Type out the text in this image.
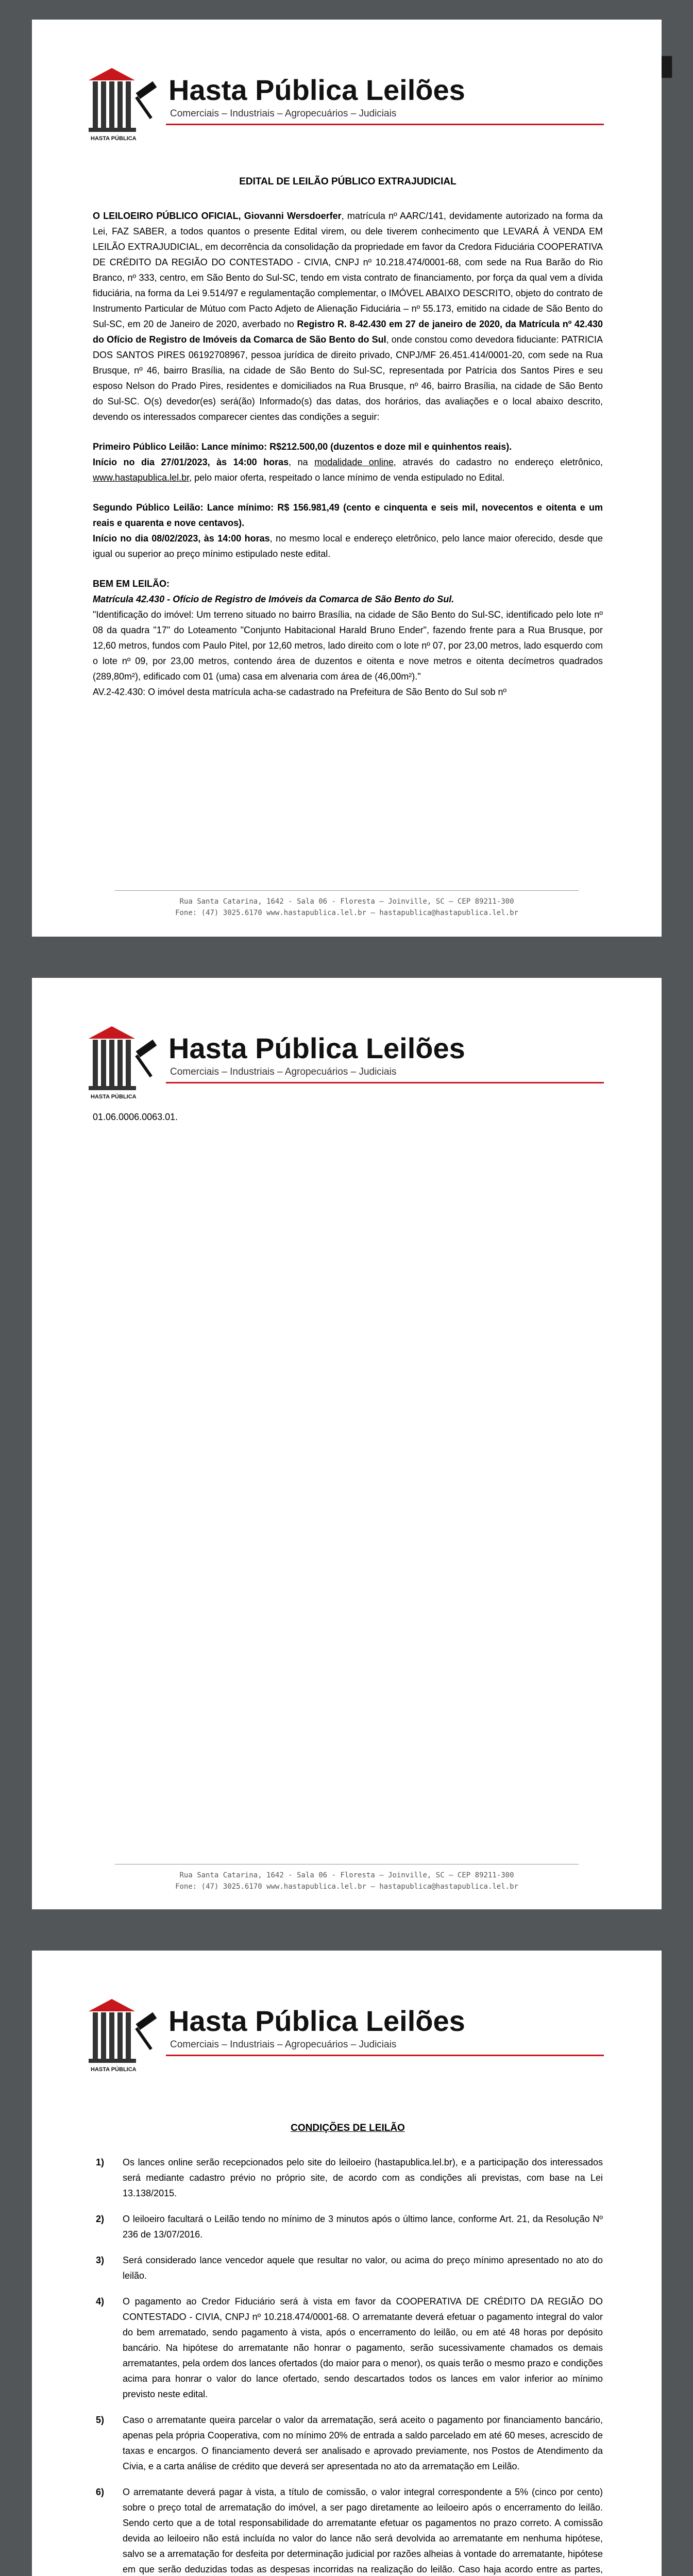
HASTA PÚBLICA
Hasta Pública Leilões
Comerciais – Industriais – Agropecuários – Judiciais
EDITAL DE LEILÃO PÚBLICO EXTRAJUDICIAL

O LEILOEIRO PÚBLICO OFICIAL, Giovanni Wersdoerfer, matrícula nº AARC/141, devidamente autorizado na forma da Lei, FAZ SABER, a todos quantos o presente Edital virem, ou dele tiverem conhecimento que LEVARÁ À VENDA EM LEILÃO EXTRAJUDICIAL, em decorrência da consolidação da propriedade em favor da Credora Fiduciária COOPERATIVA DE CRÉDITO DA REGIÃO DO CONTESTADO - CIVIA, CNPJ nº 10.218.474/0001-68, com sede na Rua Barão do Rio Branco, nº 333, centro, em São Bento do Sul-SC, tendo em vista contrato de financiamento, por força da qual vem a dívida fiduciária, na forma da Lei 9.514/97 e regulamentação complementar, o IMÓVEL ABAIXO DESCRITO, objeto do contrato de Instrumento Particular de Mútuo com Pacto Adjeto de Alienação Fiduciária – nº 55.173, emitido na cidade de São Bento do Sul-SC, em 20 de Janeiro de 2020, averbado no Registro R. 8-42.430 em 27 de janeiro de 2020, da Matrícula nº 42.430 do Ofício de Registro de Imóveis da Comarca de São Bento do Sul, onde constou como devedora fiduciante: PATRICIA DOS SANTOS PIRES 06192708967, pessoa jurídica de direito privado, CNPJ/MF 26.451.414/0001-20, com sede na Rua Brusque, nº 46, bairro Brasília, na cidade de São Bento do Sul-SC, representada por Patrícia dos Santos Pires e seu esposo Nelson do Prado Pires, residentes e domiciliados na Rua Brusque, nº 46, bairro Brasília, na cidade de São Bento do Sul-SC. O(s) devedor(es) será(ão) Informado(s) das datas, dos horários, das avaliações e o local abaixo descrito, devendo os interessados comparecer cientes das condições a seguir:

Primeiro Público Leilão: Lance mínimo: R$212.500,00 (duzentos e doze mil e quinhentos reais).
Início no dia 27/01/2023, às 14:00 horas, na modalidade online, através do cadastro no endereço eletrônico, www.hastapublica.lel.br, pelo maior oferta, respeitado o lance mínimo de venda estipulado no Edital.

Segundo Público Leilão: Lance mínimo: R$ 156.981,49 (cento e cinquenta e seis mil, novecentos e oitenta e um reais e quarenta e nove centavos).
Início no dia 08/02/2023, às 14:00 horas, no mesmo local e endereço eletrônico, pelo lance maior oferecido, desde que igual ou superior ao preço mínimo estipulado neste edital.

BEM EM LEILÃO:
Matrícula 42.430 - Ofício de Registro de Imóveis da Comarca de São Bento do Sul.
"Identificação do imóvel: Um terreno situado no bairro Brasília, na cidade de São Bento do Sul-SC, identificado pelo lote nº 08 da quadra "17" do Loteamento "Conjunto Habitacional Harald Bruno Ender", fazendo frente para a Rua Brusque, por 12,60 metros, fundos com Paulo Pitel, por 12,60 metros, lado direito com o lote nº 07, por 23,00 metros, lado esquerdo com o lote nº 09, por 23,00 metros, contendo área de duzentos e oitenta e nove metros e oitenta decímetros quadrados (289,80m²), edificado com 01 (uma) casa em alvenaria com área de (46,00m²)."
AV.2-42.430: O imóvel desta matrícula acha-se cadastrado na Prefeitura de São Bento do Sul sob nº
Rua Santa Catarina, 1642 - Sala 06 - Floresta – Joinville, SC – CEP 89211-300
Fone: (47) 3025.6170 www.hastapublica.lel.br – hastapublica@hastapublica.lel.br
HASTA PÚBLICA
Hasta Pública Leilões
Comerciais – Industriais – Agropecuários – Judiciais
01.06.0006.0063.01.
Rua Santa Catarina, 1642 - Sala 06 - Floresta – Joinville, SC – CEP 89211-300
Fone: (47) 3025.6170 www.hastapublica.lel.br – hastapublica@hastapublica.lel.br
HASTA PÚBLICA
Hasta Pública Leilões
Comerciais – Industriais – Agropecuários – Judiciais
CONDIÇÕES DE LEILÃO
1) Os lances online serão recepcionados pelo site do leiloeiro (hastapublica.lel.br), e a participação dos interessados será mediante cadastro prévio no próprio site, de acordo com as condições ali previstas, com base na Lei 13.138/2015.
2) O leiloeiro facultará o Leilão tendo no mínimo de 3 minutos após o último lance, conforme Art. 21, da Resolução Nº 236 de 13/07/2016.
3) Será considerado lance vencedor aquele que resultar no valor, ou acima do preço mínimo apresentado no ato do leilão.
4) O pagamento ao Credor Fiduciário será à vista em favor da COOPERATIVA DE CRÉDITO DA REGIÃO DO CONTESTADO - CIVIA, CNPJ nº 10.218.474/0001-68. O arrematante deverá efetuar o pagamento integral do valor do bem arrematado, sendo pagamento à vista, após o encerramento do leilão, ou em até 48 horas por depósito bancário. Na hipótese do arrematante não honrar o pagamento, serão sucessivamente chamados os demais arrematantes, pela ordem dos lances ofertados (do maior para o menor), os quais terão o mesmo prazo e condições acima para honrar o valor do lance ofertado, sendo descartados todos os lances em valor inferior ao mínimo previsto neste edital.
5) Caso o arrematante queira parcelar o valor da arrematação, será aceito o pagamento por financiamento bancário, apenas pela própria Cooperativa, com no mínimo 20% de entrada a saldo parcelado em até 60 meses, acrescido de taxas e encargos. O financiamento deverá ser analisado e aprovado previamente, nos Postos de Atendimento da Civia, e a carta análise de crédito que deverá ser apresentada no ato da arrematação em Leilão.
6) O arrematante deverá pagar à vista, a título de comissão, o valor integral correspondente a 5% (cinco por cento) sobre o preço total de arrematação do imóvel, a ser pago diretamente ao leiloeiro após o encerramento do leilão. Sendo certo que a de total responsabilidade do arrematante efetuar os pagamentos no prazo correto. A comissão devida ao leiloeiro não está incluída no valor do lance não será devolvida ao arrematante em nenhuma hipótese, salvo se a arrematação for desfeita por determinação judicial por razões alheias à vontade do arrematante, hipótese em que serão deduzidas todas as despesas incorridas na realização do leilão. Caso haja acordo entre as partes,
